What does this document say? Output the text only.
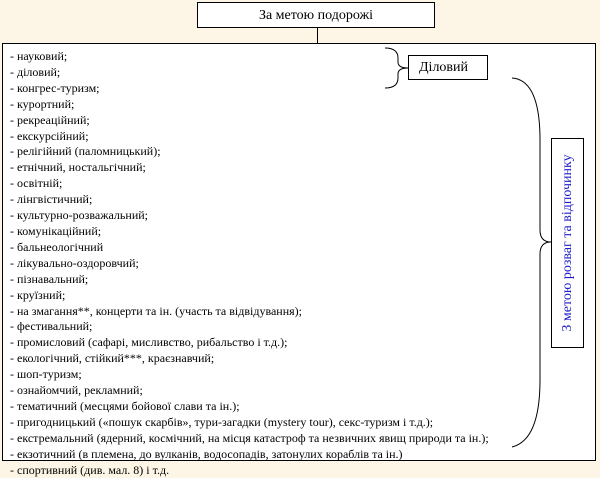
За метою подорожі
- науковий;
- діловий;
- конгрес-туризм;
- курортний;
- рекреаційний;
- екскурсійний;
- релігійний (паломницький);
- етнічний, ностальгічний;
- освітній;
- лінгвістичний;
- культурно-розважальний;
- комунікаційний;
- бальнеологічний
- лікувально-оздоровчий;
- пізнавальний;
- круїзний;
- на змагання**, концерти та ін. (участь та відвідування);
- фестивальний;
- промисловий (сафарі, мисливство, рибальство і т.д.);
- екологічний, стійкий***, краєзнавчий;
- шоп-туризм;
- ознайомчий, рекламний;
- тематичний (месцями бойової слави та ін.);
- пригодницький («пошук скарбів», тури-загадки (mystery tour), секс-туризм і т.д.);
- екстремальний (ядерний, космічний, на місця катастроф та незвичних явищ природи та ін.);
- екзотичний (в племена, до вулканів, водосопадів, затонулих кораблів та ін.)
- спортивний (див. мал. 8) і т.д.
Діловий
З метою розваг та відпочинку
